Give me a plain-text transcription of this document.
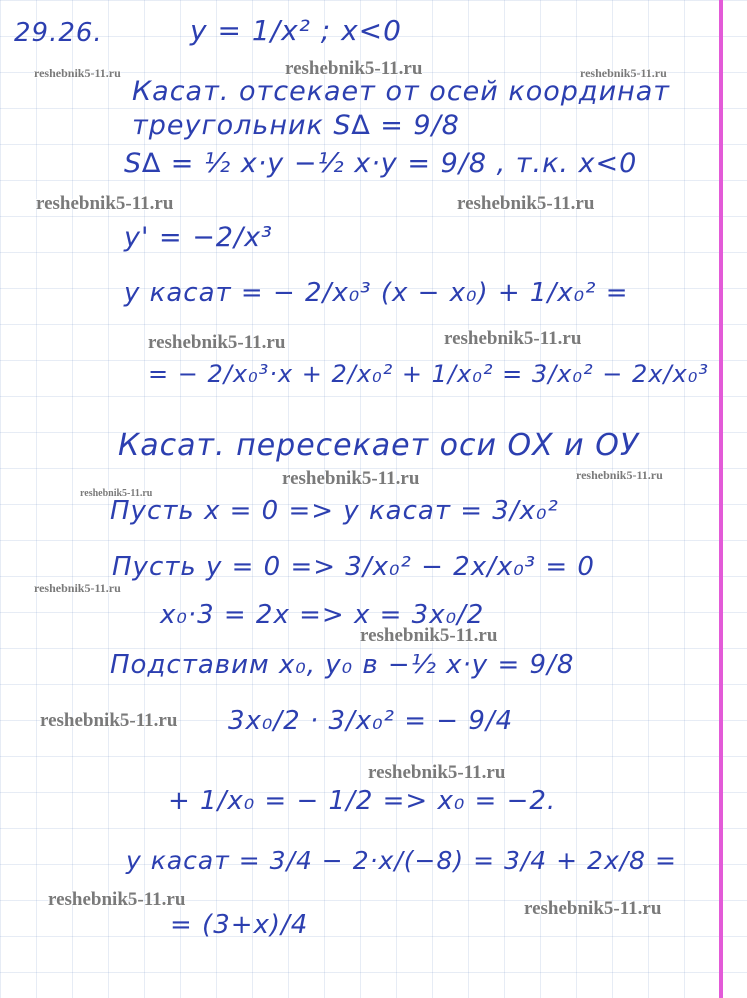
29.26.	y = 1/x² ; x<0
reshebnik5-11.ru	reshebnik5-11.ru	reshebnik5-11.ru
Касат. отсекает от осей координат
треугольник S∆ = 9/8
S∆ = ½ x·y −½ x·y = 9/8 , т.к. x<0
reshebnik5-11.ru	reshebnik5-11.ru
y' = −2/x³
y касат = − 2/x₀³ (x − x₀) + 1/x₀² =
reshebnik5-11.ru	reshebnik5-11.ru
= − 2/x₀³·x + 2/x₀² + 1/x₀² = 3/x₀² − 2x/x₀³
Касат. пересекает оси ОХ и ОУ
reshebnik5-11.ru	reshebnik5-11.ru
reshebnik5-11.ru
Пусть x = 0 => y касат = 3/x₀²
Пусть y = 0 => 3/x₀² − 2x/x₀³ = 0
reshebnik5-11.ru
x₀·3 = 2x => x = 3x₀/2
reshebnik5-11.ru
Подставим x₀, y₀ в −½ x·y = 9/8
reshebnik5-11.ru 3x₀/2 · 3/x₀² = − 9/4
reshebnik5-11.ru
+ 1/x₀ = − 1/2 => x₀ = −2.
y касат = 3/4 − 2·x/(−8) = 3/4 + 2x/8 =
reshebnik5-11.ru	reshebnik5-11.ru
= (3+x)/4
